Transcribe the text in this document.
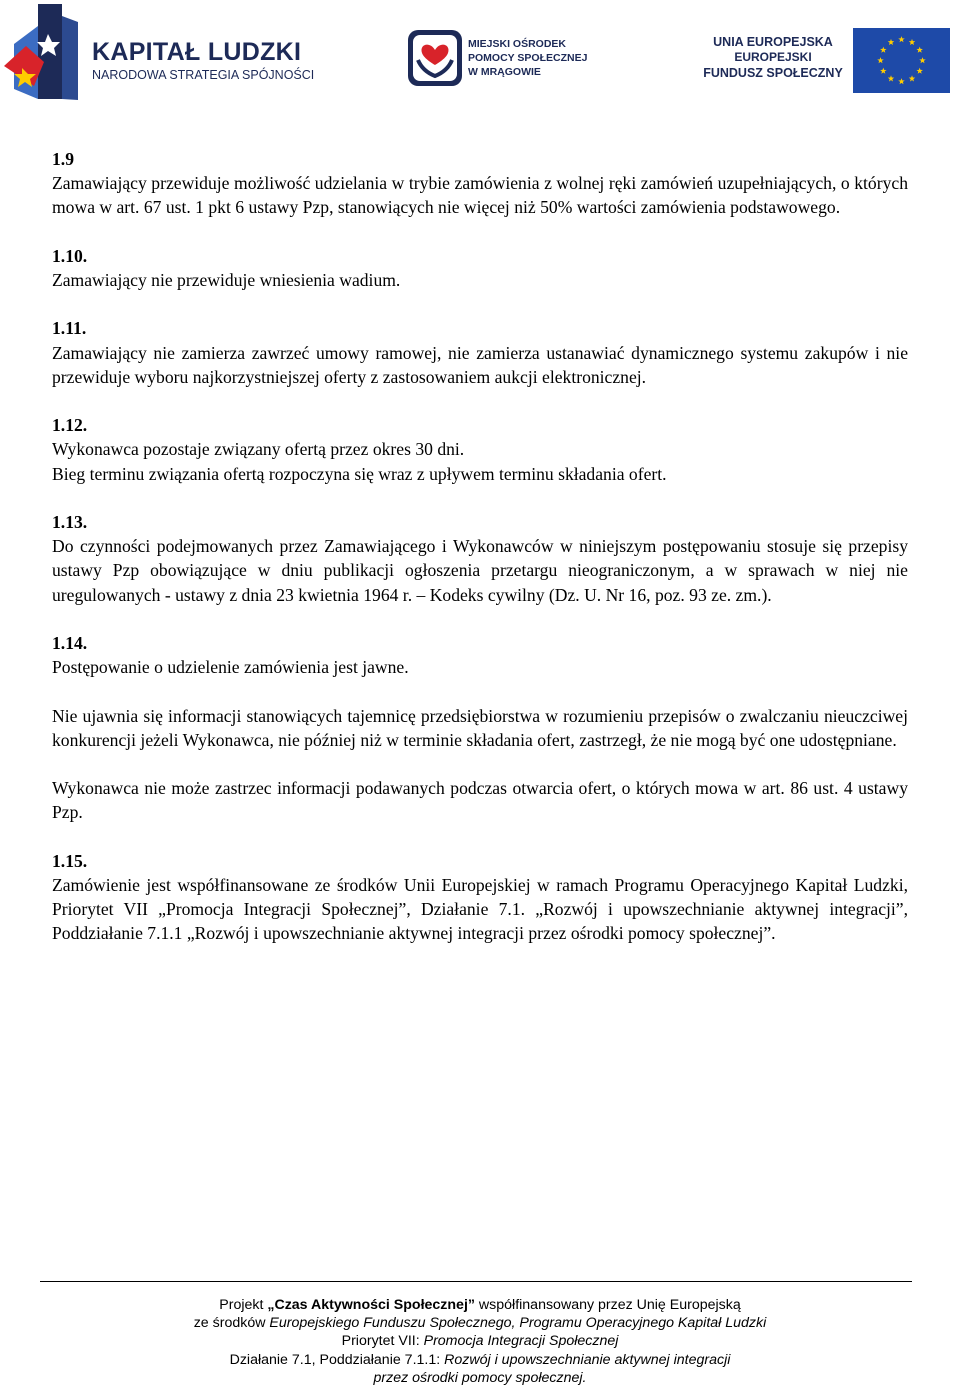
KAPITAŁ LUDZKI
NARODOWA STRATEGIA SPÓJNOŚCI
MIEJSKI OŚRODEK
POMOCY SPOŁECZNEJ
W MRĄGOWIE
UNIA EUROPEJSKA
EUROPEJSKI
FUNDUSZ SPOŁECZNY
1.9

Zamawiający przewiduje możliwość udzielania w trybie zamówienia z wolnej ręki zamówień uzupełniających, o których mowa w art. 67 ust. 1 pkt 6 ustawy Pzp, stanowiących nie więcej niż 50% wartości zamówienia podstawowego.

1.10.

Zamawiający nie przewiduje wniesienia wadium.

1.11.

Zamawiający nie zamierza zawrzeć umowy ramowej, nie zamierza ustanawiać dynamicznego systemu zakupów i nie przewiduje wyboru najkorzystniejszej oferty z zastosowaniem aukcji elektronicznej.

1.12.

Wykonawca pozostaje związany ofertą przez okres 30 dni.

Bieg terminu związania ofertą rozpoczyna się wraz z upływem terminu składania ofert.

1.13.

Do czynności podejmowanych przez Zamawiającego i Wykonawców w niniejszym postępowaniu stosuje się przepisy ustawy Pzp obowiązujące w dniu publikacji ogłoszenia przetargu nieograniczonym, a w sprawach w niej nie uregulowanych - ustawy z dnia 23 kwietnia 1964 r. – Kodeks cywilny (Dz. U. Nr 16, poz. 93 ze. zm.).

1.14.

Postępowanie o udzielenie zamówienia jest jawne.

Nie ujawnia się informacji stanowiących tajemnicę przedsiębiorstwa w rozumieniu przepisów o zwalczaniu nieuczciwej konkurencji jeżeli Wykonawca, nie później niż w terminie składania ofert, zastrzegł, że nie mogą być one udostępniane.

Wykonawca nie może zastrzec informacji podawanych podczas otwarcia ofert, o których mowa w art. 86 ust. 4 ustawy Pzp.

1.15.

Zamówienie jest współfinansowane ze środków Unii Europejskiej w ramach Programu Operacyjnego Kapitał Ludzki, Priorytet VII „Promocja Integracji Społecznej”, Działanie 7.1. „Rozwój i upowszechnianie aktywnej integracji”, Poddziałanie 7.1.1 „Rozwój i upowszechnianie aktywnej integracji przez ośrodki pomocy społecznej”.

Projekt „Czas Aktywności Społecznej” współfinansowany przez Unię Europejską
ze środków Europejskiego Funduszu Społecznego, Programu Operacyjnego Kapitał Ludzki
Priorytet VII: Promocja Integracji Społecznej
Działanie 7.1, Poddziałanie 7.1.1: Rozwój i upowszechnianie aktywnej integracji
przez ośrodki pomocy społecznej.
